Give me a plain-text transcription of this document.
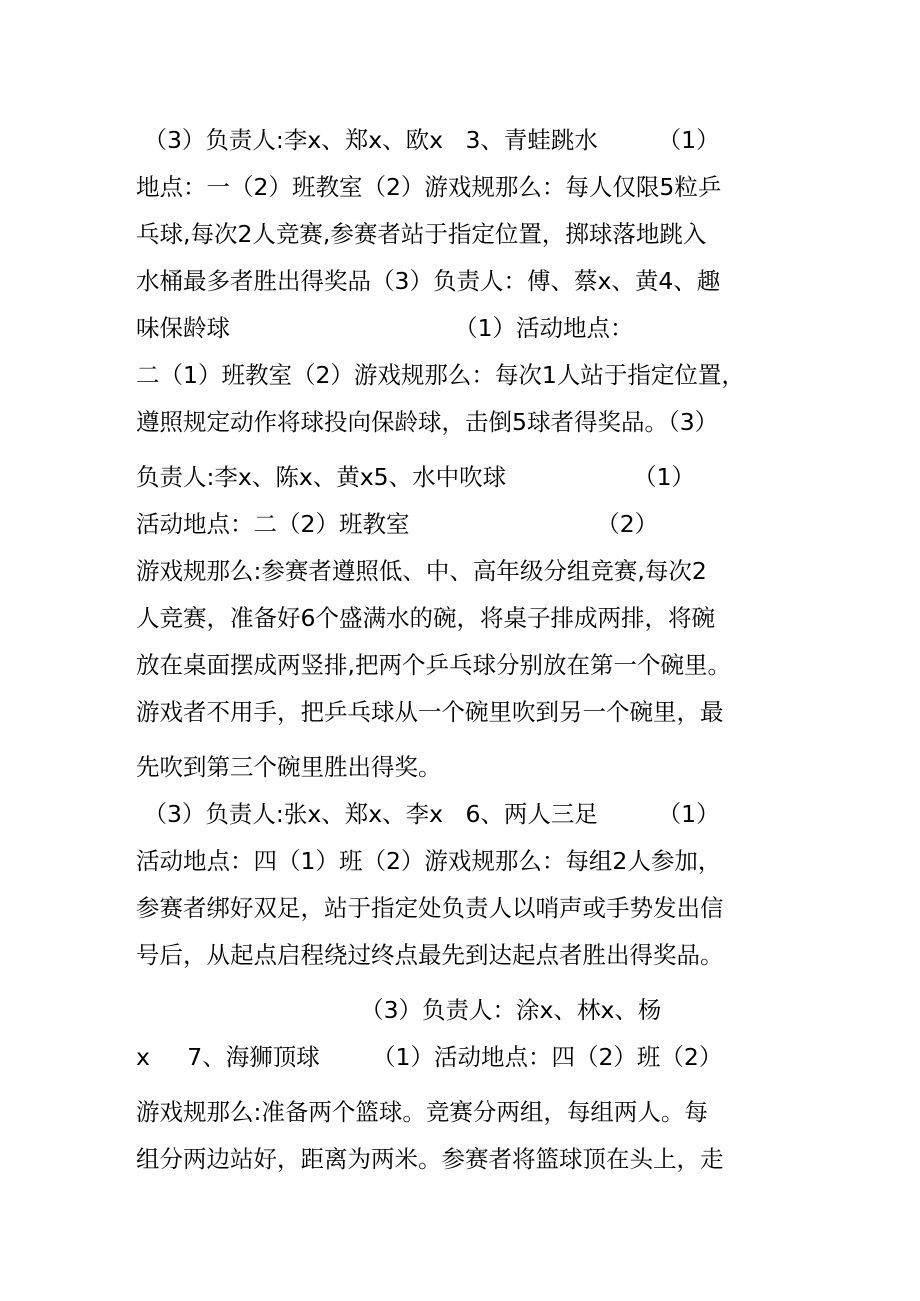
（3）负责人:李x、郑x、欧x   3、青蛙跳水        （1）
地点：一（2）班教室（2）游戏规那么：每人仅限5粒乒
乓球,每次2人竞赛,参赛者站于指定位置，掷球落地跳入
水桶最多者胜出得奖品（3）负责人：傅、蔡x、黄4、趣
味保龄球                              （1）活动地点：
二（1）班教室（2）游戏规那么：每次1人站于指定位置，
遵照规定动作将球投向保龄球，击倒5球者得奖品。（3）
负责人:李x、陈x、黄x5、水中吹球                 （1）
活动地点：二（2）班教室                         （2）
游戏规那么:参赛者遵照低、中、高年级分组竞赛,每次2
人竞赛，准备好6个盛满水的碗，将桌子排成两排，将碗
放在桌面摆成两竖排,把两个乒乓球分别放在第一个碗里。
游戏者不用手，把乒乓球从一个碗里吹到另一个碗里，最
先吹到第三个碗里胜出得奖。
（3）负责人:张x、郑x、李x   6、两人三足        （1）
活动地点：四（1）班（2）游戏规那么：每组2人参加，
参赛者绑好双足，站于指定处负责人以哨声或手势发出信
号后，从起点启程绕过终点最先到达起点者胜出得奖品。
（3）负责人：涂x、林x、杨
x     7、海狮顶球       （1）活动地点：四（2）班（2）
游戏规那么:准备两个篮球。竞赛分两组，每组两人。每
组分两边站好，距离为两米。参赛者将篮球顶在头上，走
